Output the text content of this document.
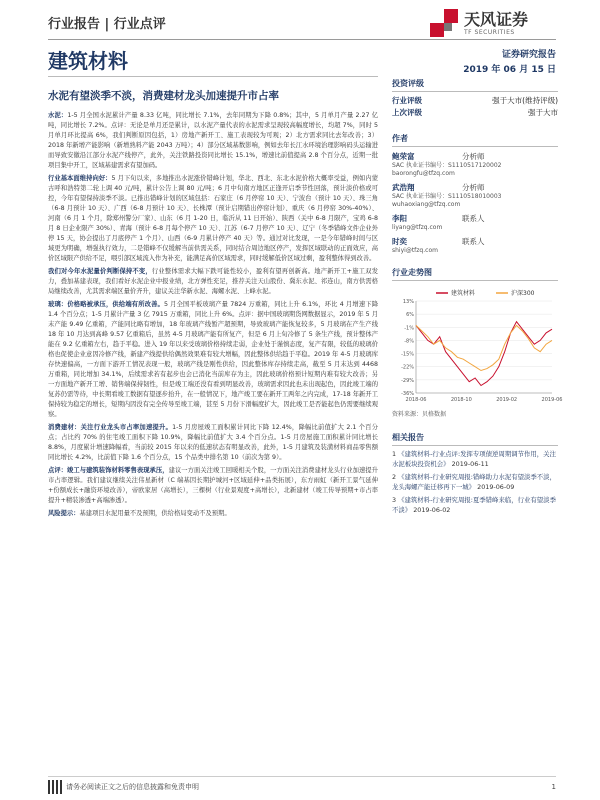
行业报告 | 行业点评	天风证券
TF SECURITIES
建筑材料	证券研究报告
2019 年 06 月 15 日
水泥有望淡季不淡，消费建材龙头加速提升市占率
水泥：1-5 月全国水泥累计产量 8.33 亿吨，同比增长 7.1%，去年同期为下降 0.8%；其中，5 月单月产量 2.27 亿吨，同比增长 7.2%。点评：无论是单月还是累计，以水泥产量代表的水泥需求呈现较高幅度增长，均超 7%，同时 5 月单月环比提高 6%，我们判断原因包括，1）房地产新开工、施工表现较为可观；2）北方需求同比去年改善；3）2018 年新增产能影响（新增熟料产能 2043 万吨）；4）部分区域基数影响，例如去年长江水环境治理影响码头运输进而导致安徽沿江部分水泥产线停产，此外，关注铁路投资同比增长 15.1%，增速比前值提高 2.8 个百分点，近期一批项目集中开工，区域基建需求有望加码。
行业基本面维持向好：5 月下旬以来，多地推出水泥涨价错峰计划，华北、西北、东北水泥价格大概率受益，例如内蒙古呼和浩特第二轮上调 40 元/吨，累计公告上调 80 元/吨；6 月中旬南方地区正逢开启季节性回落，预计淡价格或可控，今年有望保持淡季不淡。已推出错峰计划的区域包括：石家庄（6 月停窑 10 天）、宁波台（预计 10 天）、珠三角（6-8 月预计 10 天）、广西（6-8 月预计 10 天）、长株潭（预计启期错出停窑计划）、重庆（6 月停窑 30%-40%）、河南（6 月 1 个月，除郑州警分厂家）、山东（6 月 1-20 日，临沂从 11 日开始）、陕西（关中 6-8 月限产，宝鸡 6-8 月 8 日企业限产 30%）、青海（预计 6-8 月每个停产 10 天）、江苏（6-7 月停产 10 天）、辽宁（冬季错峰文件企业外停 15 天，协会提出了月底停产 1 个月）、山西（6-9 月累计停产 40 天）等。通过对比发现，一是今年错峰时间与区域更为明确，增强执行效力，二是错峰不仅缓解当前供需关系，同时结合周边地区停产，发挥区域联动的正面效应，高价区域限产供给不足，喂引部区域流入作为补充，能满足高价区域需求，同时缓解低价区域过剩，盈利整体得到改善。
我们对今年水泥量价判断保持不变，行业整体需求大幅下跌可能性较小，盈利有望再创新高。地产新开工+施工双发力，叠加基建表现，我们看好水泥企业中报业绩，北方弹性充足，推荐关注天山股份、冀东水泥、祁连山，南方供需格局继续改善，尤其需求端区量价齐升，建议关注华新水泥、海螺水泥、上峰水泥。
玻璃：价格略被承压，供给端有所改善。5 月全国平板玻璃产量 7824 万重箱，同比上升 6.1%，环比 4 月增速下降 1.4 个百分点；1-5 月累计产量 3 亿 7915 万重箱，同比上升 6%。点评：据中国玻璃期货网数据显示，2019 年 5 月末产能 9.49 亿重箱，产能同比略有增加，18 年玻璃产线暂产超预期，导致玻璃产能恢复较多，5 月玻璃在产生产线 18 年 10 月达到高峰 9.57 亿重箱后，虽然 4-5 月玻璃产能有所复产，但是 6 月上旬冷修了 5 条生产线，预计整体产能在 9.2 亿重箱左右，趋于平稳。进入 19 年以来受玻璃价格持续走弱，企业处于谨慎态度，复产有限，较低的玻璃价格也促使企业意因冷修产线，新建产线提供给偶然效果难有较大增幅，因此整体供给趋于平稳。2019 年 4-5 月玻璃库存快速偏高，一方面下游开工情况表现一般，玻璃产线是刚性供给，因此整体库存持续走高，截至 5 月末达到 4468 万重箱，同比增加 34.1%，后续需求若有起步也会已消化当前库存为主，因此玻璃价格预计短期内难有较大改善；另一方面地产新开工增、销售端保持韧性，但是竣工端还没有看到明显改善，玻璃需求因此也未出现起色，因此竣工端的复苏仍需等待，中长期看竣工数据有望逐步抬升，在一般情况下，地产竣工要在新开工两年之内完成，17-18 年新开工保持较为稳定的增长，短期内因没有完全传导至竣工端，甚至 5 月份下滑幅度扩大，因此竣工是否能起色仍需要继续观察。
消费建材：关注行业龙头市占率加速提升。1-5 月房屋竣工面积累计同比下降 12.4%，降幅比前值扩大 2.1 个百分点；占比约 70% 的住宅竣工面积下降 10.9%，降幅比前值扩大 3.4 个百分点。1-5 月房屋施工面积累计同比增长 8.8%，月度累计增速降幅看，当前较 2015 年以来的低速状态有明显改善，此外，1-5 月建筑及装潢材料商品零售额同比增长 4.2%，比前值下降 1.6 个百分点，15 个品类中排名第 10（前次为第 9）。
点评：竣工与建筑装饰材料零售表现承压，建议一方面关注竣工回暖相关个股，一方面关注消费建材龙头行业加速提升市占率逻辑。我们建议继续关注伟星新材（C 端基因长期护城河+区域延伸+品类拓展），东方雨虹（新开工景气延伸+份额成长+融资环境改善），帝欧家居（高增长），三棵树（行业景观度+高增长），北新建材（竣工传导预期+市占率提升+精装渗透+高端渗透）。
风险提示：基建项目水泥用量不及预期，供给格局变动不及预期。
投资评级
行业评级	强于大市(维持评级)
上次评级	强于大市
作者
鲍荣富	分析师
SAC 执业证书编号：S1110517120002
baorongfu@tfzq.com
武浩翔	分析师
SAC 执业证书编号：S1110518010003
wuhaoxiang@tfzq.com
李阳	联系人
liyang@tfzq.com
时奕	联系人
shiyi@tfzq.com
行业走势图
13%
6%
-1%
-8%
-15%
-22%
-29%
-36%
2018-06	2018-10	2019-02	2019-06
建筑材料	沪深300
资料来源：贝格数据
相关报告
1 《建筑材料-行业点评:发挥专项债逆周期调节作用，关注水泥板块投资机会》 2019-06-11
2 《建筑材料-行业研究周报:错峰助力水泥有望淡季不淡，龙头海螺产能迁移再下一城》 2019-06-09
3 《建筑材料-行业研究周报:夏季错峰来临，行业有望淡季不淡》 2019-06-02
请务必阅读正文之后的信息披露和免责申明	1
